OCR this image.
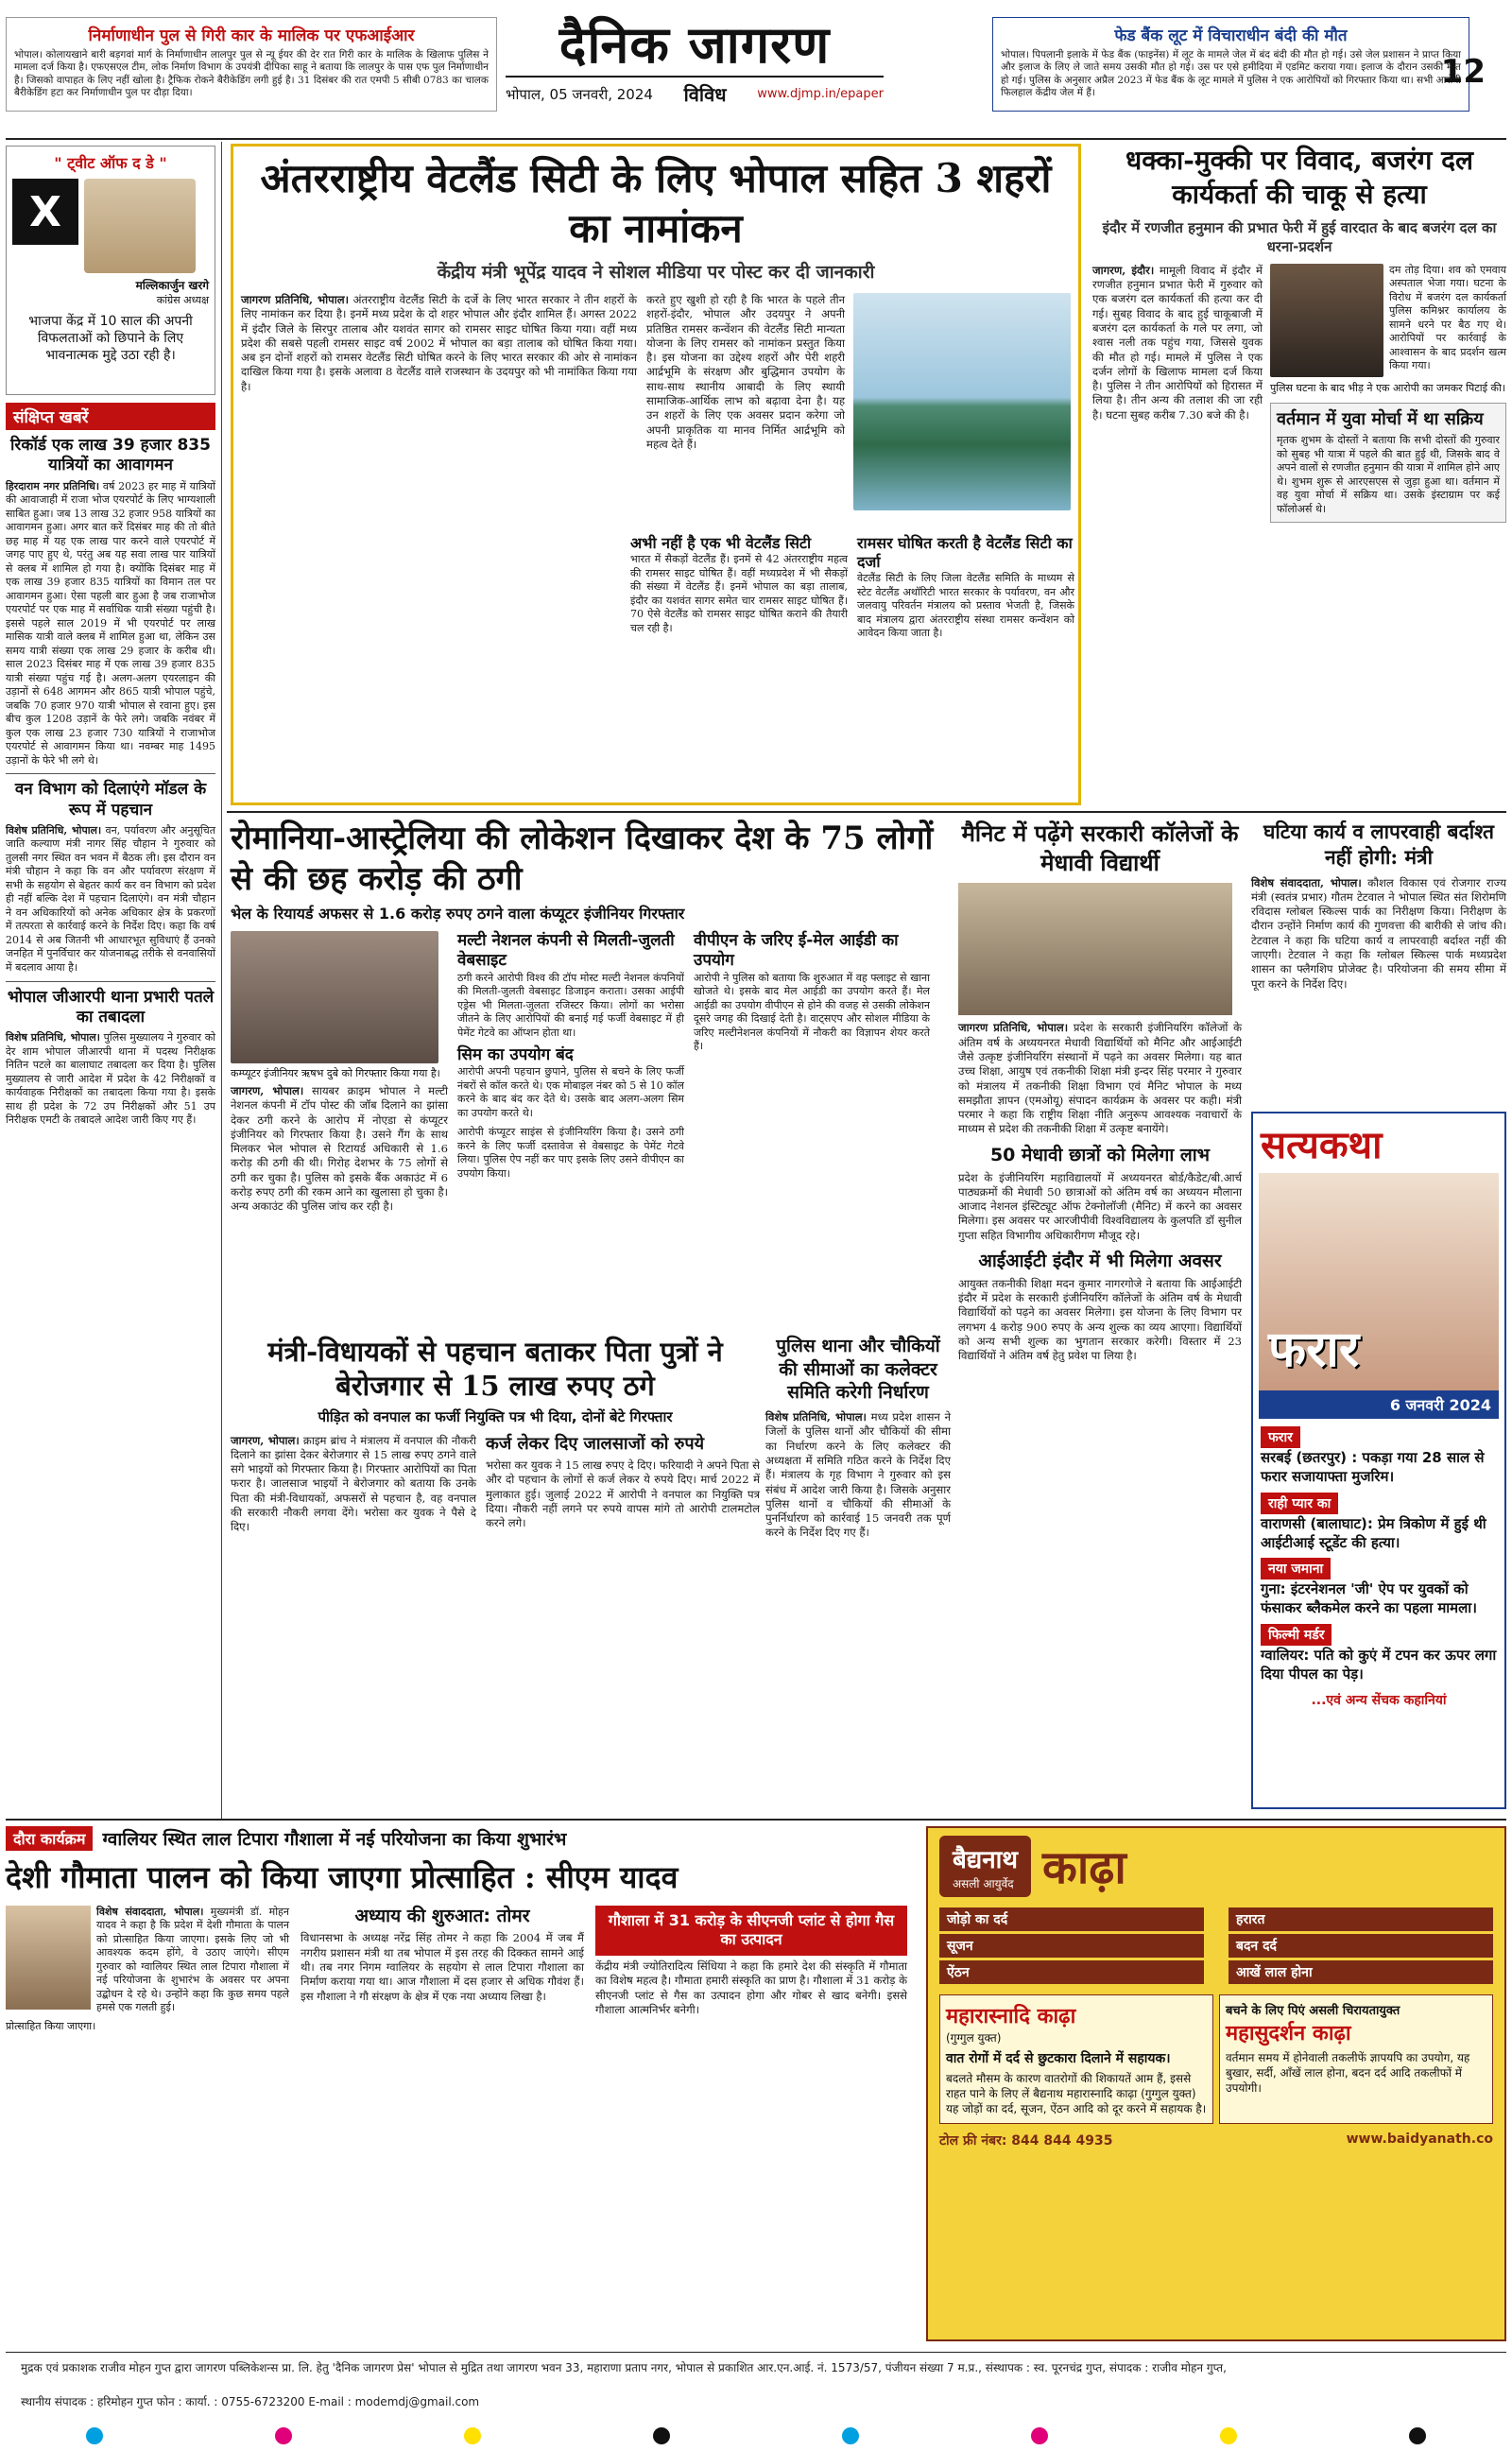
निर्माणाधीन पुल से गिरी कार के मालिक पर एफआईआर
भोपाल। कोलायखाने बारी बड़गवां मार्ग के निर्माणाधीन लालपुर पुल से न्यू ईयर की देर रात गिरी कार के मालिक के खिलाफ पुलिस ने मामला दर्ज किया है। एफएसएल टीम, लोक निर्माण विभाग के उपयंत्री दीपिका साहू ने बताया कि लालपुर के पास एफ पुल निर्माणाधीन है। जिसको वापाहत के लिए नहीं खोला है। ट्रैफिक रोकने बैरीकेडिंग लगी हुई है। 31 दिसंबर की रात एमपी 5 सीबी 0783 का चालक बैरीकेडिंग हटा कर निर्माणाधीन पुल पर दौड़ा दिया।
दैनिक जागरण
भोपाल, 05 जनवरी, 2024 विविध	www.djmp.in/epaper
फेड बैंक लूट में विचाराधीन बंदी की मौत
भोपाल। पिपलानी इलाके में फेड बैंक (फाइनेंस) में लूट के मामले जेल में बंद बंदी की मौत हो गई। उसे जेल प्रशासन ने प्राप्त किया और इलाज के लिए ले जाते समय उसकी मौत हो गई। उस पर एसे हमीदिया में एडमिट कराया गया। इलाज के दौरान उसकी मौत हो गई। पुलिस के अनुसार अप्रैल 2023 में फेड बैंक के लूट मामले में पुलिस ने एक आरोपियों को गिरफ्तार किया था। सभी आरोपी फिलहाल केंद्रीय जेल में हैं।
12
" ट्वीट ऑफ द डे "
X
मल्लिकार्जुन खरगे
कांग्रेस अध्यक्ष
भाजपा केंद्र में 10 साल की अपनी विफलताओं को छिपाने के लिए भावनात्मक मुद्दे उठा रही है।
संक्षिप्त खबरें
रिकॉर्ड एक लाख 39 हजार 835 यात्रियों का आवागमन
हिरदाराम नगर प्रतिनिधि। वर्ष 2023 हर माह में यात्रियों की आवाजाही में राजा भोज एयरपोर्ट के लिए भाग्यशाली साबित हुआ। जब 13 लाख 32 हजार 958 यात्रियों का आवागमन हुआ। अगर बात करें दिसंबर माह की तो बीते छह माह में यह एक लाख पार करने वाले एयरपोर्ट में जगह पाए हुए थे, परंतु अब यह सवा लाख पार यात्रियों से क्लब में शामिल हो गया है। क्योंकि दिसंबर माह में एक लाख 39 हजार 835 यात्रियों का विमान तल पर आवागमन हुआ। ऐसा पहली बार हुआ है जब राजाभोज एयरपोर्ट पर एक माह में सर्वाधिक यात्री संख्या पहुंची है। इससे पहले साल 2019 में भी एयरपोर्ट पर लाख मासिक यात्री वाले क्लब में शामिल हुआ था, लेकिन उस समय यात्री संख्या एक लाख 29 हजार के करीब थी। साल 2023 दिसंबर माह में एक लाख 39 हजार 835 यात्री संख्या पहुंच गई है। अलग-अलग एयरलाइन की उड़ानों से 648 आगमन और 865 यात्री भोपाल पहुंचे, जबकि 70 हजार 970 यात्री भोपाल से रवाना हुए। इस बीच कुल 1208 उड़ानें के फेरे लगे। जबकि नवंबर में कुल एक लाख 23 हजार 730 यात्रियों ने राजाभोज एयरपोर्ट से आवागमन किया था। नवम्बर माह 1495 उड़ानों के फेरे भी लगे थे।
वन विभाग को दिलाएंगे मॉडल के रूप में पहचान
विशेष प्रतिनिधि, भोपाल। वन, पर्यावरण और अनुसूचित जाति कल्याण मंत्री नागर सिंह चौहान ने गुरुवार को तुलसी नगर स्थित वन भवन में बैठक ली। इस दौरान वन मंत्री चौहान ने कहा कि वन और पर्यावरण संरक्षण में सभी के सहयोग से बेहतर कार्य कर वन विभाग को प्रदेश ही नहीं बल्कि देश में पहचान दिलाएंगे। वन मंत्री चौहान ने वन अधिकारियों को अनेक अधिकार क्षेत्र के प्रकरणों में तत्परता से कार्रवाई करने के निर्देश दिए। कहा कि वर्ष 2014 से अब जितनी भी आधारभूत सुविधाएं हैं उनको जनहित में पुनर्विचार कर योजनाबद्ध तरीके से वनवासियों में बदलाव आया है।
भोपाल जीआरपी थाना प्रभारी पतले का तबादला
विशेष प्रतिनिधि, भोपाल। पुलिस मुख्यालय ने गुरुवार को देर शाम भोपाल जीआरपी थाना में पदस्थ निरीक्षक नितिन पटले का बालाघाट तबादला कर दिया है। पुलिस मुख्यालय से जारी आदेश में प्रदेश के 42 निरीक्षकों व कार्यवाहक निरीक्षकों का तबादला किया गया है। इसके साथ ही प्रदेश के 72 उप निरीक्षकों और 51 उप निरीक्षक एमटी के तबादले आदेश जारी किए गए हैं।
अंतरराष्ट्रीय वेटलैंड सिटी के लिए भोपाल सहित 3 शहरों का नामांकन
केंद्रीय मंत्री भूपेंद्र यादव ने सोशल मीडिया पर पोस्ट कर दी जानकारी
जागरण प्रतिनिधि, भोपाल। अंतरराष्ट्रीय वेटलैंड सिटी के दर्जे के लिए भारत सरकार ने तीन शहरों के लिए नामांकन कर दिया है। इनमें मध्य प्रदेश के दो शहर भोपाल और इंदौर शामिल हैं। अगस्त 2022 में इंदौर जिले के सिरपुर तालाब और यशवंत सागर को रामसर साइट घोषित किया गया। वहीं मध्य प्रदेश की सबसे पहली रामसर साइट वर्ष 2002 में भोपाल का बड़ा तालाब को घोषित किया गया। अब इन दोनों शहरों को रामसर वेटलैंड सिटी घोषित करने के लिए भारत सरकार की ओर से नामांकन दाखिल किया गया है। इसके अलावा 8 वेटलैंड वाले राजस्थान के उदयपुर को भी नामांकित किया गया है।
करते हुए खुशी हो रही है कि भारत के पहले तीन शहरों-इंदौर, भोपाल और उदयपुर ने अपनी प्रतिष्ठित रामसर कन्वेंशन की वेटलैंड सिटी मान्यता योजना के लिए रामसर को नामांकन प्रस्तुत किया है। इस योजना का उद्देश्य शहरों और पेरी शहरी आर्द्रभूमि के संरक्षण और बुद्धिमान उपयोग के साथ-साथ स्थानीय आबादी के लिए स्थायी सामाजिक-आर्थिक लाभ को बढ़ावा देना है। यह उन शहरों के लिए एक अवसर प्रदान करेगा जो अपनी प्राकृतिक या मानव निर्मित आर्द्रभूमि को महत्व देते हैं।
अभी नहीं है एक भी वेटलैंड सिटी
भारत में सैकड़ों वेटलैंड हैं। इनमें से 42 अंतरराष्ट्रीय महत्व की रामसर साइट घोषित हैं। वहीं मध्यप्रदेश में भी सैकड़ों की संख्या में वेटलैंड हैं। इनमें भोपाल का बड़ा तालाब, इंदौर का यशवंत सागर समेत चार रामसर साइट घोषित हैं। 70 ऐसे वेटलैंड को रामसर साइट घोषित कराने की तैयारी चल रही है।
रामसर घोषित करती है वेटलैंड सिटी का दर्जा
वेटलैंड सिटी के लिए जिला वेटलैंड समिति के माध्यम से स्टेट वेटलैंड अथॉरिटी भारत सरकार के पर्यावरण, वन और जलवायु परिवर्तन मंत्रालय को प्रस्ताव भेजती है, जिसके बाद मंत्रालय द्वारा अंतरराष्ट्रीय संस्था रामसर कन्वेंशन को आवेदन किया जाता है।
धक्का-मुक्की पर विवाद, बजरंग दल कार्यकर्ता की चाकू से हत्या
इंदौर में रणजीत हनुमान की प्रभात फेरी में हुई वारदात के बाद बजरंग दल का धरना-प्रदर्शन
जागरण, इंदौर। मामूली विवाद में इंदौर में रणजीत हनुमान प्रभात फेरी में गुरुवार को एक बजरंग दल कार्यकर्ता की हत्या कर दी गई। सुबह विवाद के बाद हुई चाकूबाजी में बजरंग दल कार्यकर्ता के गले पर लगा, जो श्वास नली तक पहुंच गया, जिससे युवक की मौत हो गई। मामले में पुलिस ने एक दर्जन लोगों के खिलाफ मामला दर्ज किया है। पुलिस ने तीन आरोपियों को हिरासत में लिया है। तीन अन्य की तलाश की जा रही है। घटना सुबह करीब 7.30 बजे की है।
दम तोड़ दिया। शव को एमवाय अस्पताल भेजा गया। घटना के विरोध में बजरंग दल कार्यकर्ता पुलिस कमिश्नर कार्यालय के सामने धरने पर बैठ गए थे। आरोपियों पर कार्रवाई के आश्वासन के बाद प्रदर्शन खत्म किया गया।
पुलिस घटना के बाद भीड़ ने एक आरोपी का जमकर पिटाई की।
वर्तमान में युवा मोर्चा में था सक्रिय
मृतक शुभम के दोस्तों ने बताया कि सभी दोस्तों की गुरुवार को सुबह भी यात्रा में पहले की बात हुई थी, जिसके बाद वे अपने वालों से रणजीत हनुमान की यात्रा में शामिल होने आए थे। शुभम शुरू से आरएसएस से जुड़ा हुआ था। वर्तमान में वह युवा मोर्चा में सक्रिय था। उसके इंस्टाग्राम पर कई फॉलोअर्स थे।
रोमानिया-आस्ट्रेलिया की लोकेशन दिखाकर देश के 75 लोगों से की छह करोड़ की ठगी
भेल के रियायर्ड अफसर से 1.6 करोड़ रुपए ठगने वाला कंप्यूटर इंजीनियर गिरफ्तार
कम्प्यूटर इंजीनियर ऋषभ दुबे को गिरफ्तार किया गया है।
जागरण, भोपाल। सायबर क्राइम भोपाल ने मल्टी नेशनल कंपनी में टॉप पोस्ट की जॉब दिलाने का झांसा देकर ठगी करने के आरोप में नोएडा से कंप्यूटर इंजीनियर को गिरफ्तार किया है। उसने गैंग के साथ मिलकर भेल भोपाल से रिटायर्ड अधिकारी से 1.6 करोड़ की ठगी की थी। गिरोह देशभर के 75 लोगों से ठगी कर चुका है। पुलिस को इसके बैंक अकाउंट में 6 करोड़ रुपए ठगी की रकम आने का खुलासा हो चुका है। अन्य अकाउंट की पुलिस जांच कर रही है।
मल्टी नेशनल कंपनी से मिलती-जुलती वेबसाइट
ठगी करने आरोपी विश्व की टॉप मोस्ट मल्टी नेशनल कंपनियों की मिलती-जुलती वेबसाइट डिजाइन कराता। उसका आईपी एड्रेस भी मिलता-जुलता रजिस्टर किया। लोगों का भरोसा जीतने के लिए आरोपियों की बनाई गई फर्जी वेबसाइट में ही पेमेंट गेटवे का ऑप्शन होता था।
सिम का उपयोग बंद
आरोपी अपनी पहचान छुपाने, पुलिस से बचने के लिए फर्जी नंबरों से कॉल करते थे। एक मोबाइल नंबर को 5 से 10 कॉल करने के बाद बंद कर देते थे। उसके बाद अलग-अलग सिम का उपयोग करते थे।
आरोपी कंप्यूटर साइंस से इंजीनियरिंग किया है। उसने ठगी करने के लिए फर्जी दस्तावेज से वेबसाइट के पेमेंट गेटवे लिया। पुलिस ऐप नहीं कर पाए इसके लिए उसने वीपीएन का उपयोग किया।
वीपीएन के जरिए ई-मेल आईडी का उपयोग
आरोपी ने पुलिस को बताया कि शुरुआत में वह फ्लाइट से खाना खोजते थे। इसके बाद मेल आईडी का उपयोग करते हैं। मेल आईडी का उपयोग वीपीएन से होने की वजह से उसकी लोकेशन दूसरे जगह की दिखाई देती है। वाट्सएप और सोशल मीडिया के जरिए मल्टीनेशनल कंपनियों में नौकरी का विज्ञापन शेयर करते हैं।
मैनिट में पढ़ेंगे सरकारी कॉलेजों के मेधावी विद्यार्थी
जागरण प्रतिनिधि, भोपाल। प्रदेश के सरकारी इंजीनियरिंग कॉलेजों के अंतिम वर्ष के अध्ययनरत मेधावी विद्यार्थियों को मैनिट और आईआईटी जैसे उत्कृष्ट इंजीनियरिंग संस्थानों में पढ़ने का अवसर मिलेगा। यह बात उच्च शिक्षा, आयुष एवं तकनीकी शिक्षा मंत्री इन्दर सिंह परमार ने गुरुवार को मंत्रालय में तकनीकी शिक्षा विभाग एवं मैनिट भोपाल के मध्य समझौता ज्ञापन (एमओयू) संपादन कार्यक्रम के अवसर पर कही। मंत्री परमार ने कहा कि राष्ट्रीय शिक्षा नीति अनुरूप आवश्यक नवाचारों के माध्यम से प्रदेश की तकनीकी शिक्षा में उत्कृष्ट बनायेंगे।
50 मेधावी छात्रों को मिलेगा लाभ
प्रदेश के इंजीनियरिंग महाविद्यालयों में अध्ययनरत बोर्ड/कैडेट/बी.आर्च पाठ्यक्रमों की मेधावी 50 छात्राओं को अंतिम वर्ष का अध्ययन मौलाना आजाद नेशनल इंस्टिट्यूट ऑफ टेक्नोलॉजी (मैनिट) में करने का अवसर मिलेगा। इस अवसर पर आरजीपीवी विश्वविद्यालय के कुलपति डॉ सुनील गुप्ता सहित विभागीय अधिकारीगण मौजूद रहे।
आईआईटी इंदौर में भी मिलेगा अवसर
आयुक्त तकनीकी शिक्षा मदन कुमार नागरगोजे ने बताया कि आईआईटी इंदौर में प्रदेश के सरकारी इंजीनियरिंग कॉलेजों के अंतिम वर्ष के मेधावी विद्यार्थियों को पढ़ने का अवसर मिलेगा। इस योजना के लिए विभाग पर लगभग 4 करोड़ 900 रुपए के अन्य शुल्क का व्यय आएगा। विद्यार्थियों को अन्य सभी शुल्क का भुगतान सरकार करेगी। विस्तार में 23 विद्यार्थियों ने अंतिम वर्ष हेतु प्रवेश पा लिया है।
घटिया कार्य व लापरवाही बर्दाश्त नहीं होगी: मंत्री
विशेष संवाददाता, भोपाल। कौशल विकास एवं रोजगार राज्य मंत्री (स्वतंत्र प्रभार) गौतम टेटवाल ने भोपाल स्थित संत शिरोमणि रविदास ग्लोबल स्किल्स पार्क का निरीक्षण किया। निरीक्षण के दौरान उन्होंने निर्माण कार्य की गुणवत्ता की बारीकी से जांच की। टेटवाल ने कहा कि घटिया कार्य व लापरवाही बर्दाश्त नहीं की जाएगी। टेटवाल ने कहा कि ग्लोबल स्किल्स पार्क मध्यप्रदेश शासन का फ्लैगशिप प्रोजेक्ट है। परियोजना की समय सीमा में पूरा करने के निर्देश दिए।
सत्यकथा
फरार
6 जनवरी 2024
फरार
सरबई (छतरपुर) : पकड़ा गया 28 साल से फरार सजायाफ्ता मुजरिम।
राही प्यार का
वाराणसी (बालाघाट): प्रेम त्रिकोण में हुई थी आईटीआई स्टूडेंट की हत्या।
नया जमाना
गुना: इंटरनेशनल 'जी' ऐप पर युवकों को फंसाकर ब्लैकमेल करने का पहला मामला।
फिल्मी मर्डर
ग्वालियर: पति को कुएं में टपन कर ऊपर लगा दिया पीपल का पेड़।
...एवं अन्य सेंचक कहानियां
मंत्री-विधायकों से पहचान बताकर पिता पुत्रों ने बेरोजगार से 15 लाख रुपए ठगे
पीड़ित को वनपाल का फर्जी नियुक्ति पत्र भी दिया, दोनों बेटे गिरफ्तार
जागरण, भोपाल। क्राइम ब्रांच ने मंत्रालय में वनपाल की नौकरी दिलाने का झांसा देकर बेरोजगार से 15 लाख रुपए ठगने वाले सगे भाइयों को गिरफ्तार किया है। गिरफ्तार आरोपियों का पिता फरार है। जालसाज भाइयों ने बेरोजगार को बताया कि उनके पिता की मंत्री-विधायकों, अफसरों से पहचान है, वह वनपाल की सरकारी नौकरी लगवा देंगे। भरोसा कर युवक ने पैसे दे दिए।
कर्ज लेकर दिए जालसाजों को रुपये
भरोसा कर युवक ने 15 लाख रुपए दे दिए। फरियादी ने अपने पिता से और दो पहचान के लोगों से कर्ज लेकर ये रुपये दिए। मार्च 2022 में मुलाकात हुई। जुलाई 2022 में आरोपी ने वनपाल का नियुक्ति पत्र दिया। नौकरी नहीं लगने पर रुपये वापस मांगे तो आरोपी टालमटोल करने लगे।
पुलिस थाना और चौकियों की सीमाओं का कलेक्टर समिति करेगी निर्धारण
विशेष प्रतिनिधि, भोपाल। मध्य प्रदेश शासन ने जिलों के पुलिस थानों और चौकियों की सीमा का निर्धारण करने के लिए कलेक्टर की अध्यक्षता में समिति गठित करने के निर्देश दिए हैं। मंत्रालय के गृह विभाग ने गुरुवार को इस संबंध में आदेश जारी किया है। जिसके अनुसार पुलिस थानों व चौकियों की सीमाओं के पुनर्निर्धारण को कार्रवाई 15 जनवरी तक पूर्ण करने के निर्देश दिए गए हैं।
दौरा कार्यक्रम ग्वालियर स्थित लाल टिपारा गौशाला में नई परियोजना का किया शुभारंभ
देशी गौमाता पालन को किया जाएगा प्रोत्साहित : सीएम यादव
विशेष संवाददाता, भोपाल। मुख्यमंत्री डॉ. मोहन यादव ने कहा है कि प्रदेश में देशी गौमाता के पालन को प्रोत्साहित किया जाएगा। इसके लिए जो भी आवश्यक कदम होंगे, वे उठाए जाएंगे। सीएम गुरुवार को ग्वालियर स्थित लाल टिपारा गौशाला में नई परियोजना के शुभारंभ के अवसर पर अपना उद्बोधन दे रहे थे। उन्होंने कहा कि कुछ समय पहले हमसे एक गलती हुई।
प्रोत्साहित किया जाएगा।
अध्याय की शुरुआत: तोमर
विधानसभा के अध्यक्ष नरेंद्र सिंह तोमर ने कहा कि 2004 में जब मैं नगरीय प्रशासन मंत्री था तब भोपाल में इस तरह की दिक्कत सामने आई थी। तब नगर निगम ग्वालियर के सहयोग से लाल टिपारा गौशाला का निर्माण कराया गया था। आज गौशाला में दस हजार से अधिक गौवंश हैं। इस गौशाला ने गौ संरक्षण के क्षेत्र में एक नया अध्याय लिखा है।
गौशाला में 31 करोड़ के सीएनजी प्लांट से होगा गैस का उत्पादन
केंद्रीय मंत्री ज्योतिरादित्य सिंधिया ने कहा कि हमारे देश की संस्कृति में गौमाता का विशेष महत्व है। गौमाता हमारी संस्कृति का प्राण है। गौशाला में 31 करोड़ के सीएनजी प्लांट से गैस का उत्पादन होगा और गोबर से खाद बनेगी। इससे गौशाला आत्मनिर्भर बनेगी।
बैद्यनाथ
असली आयुर्वेद काढ़ा
जोड़ो का दर्द
सूजन
ऐंठन
हरारत
बदन दर्द
आखें लाल होना
महारास्नादि काढ़ा
(गुग्गुल युक्त)
वात रोगों में दर्द से छुटकारा दिलाने में सहायक।
बदलते मौसम के कारण वातरोगों की शिकायतें आम हैं, इससे राहत पाने के लिए लें बैद्यनाथ महारास्नादि काढ़ा (गुग्गुल युक्त) यह जोड़ों का दर्द, सूजन, ऐंठन आदि को दूर करने में सहायक है।
बचने के लिए पिएं असली चिरायतायुक्त
महासुदर्शन काढ़ा
वर्तमान समय में होनेवाली तकलीफें ज्ञापयपि का उपयोग, यह बुखार, सर्दी, आँखें लाल होना, बदन दर्द आदि तकलीफों में उपयोगी।
टोल फ्री नंबर: 844 844 4935	www.baidyanath.co
मुद्रक एवं प्रकाशक राजीव मोहन गुप्त द्वारा जागरण पब्लिकेशन्स प्रा. लि. हेतु 'दैनिक जागरण प्रेस' भोपाल से मुद्रित तथा जागरण भवन 33, महाराणा प्रताप नगर, भोपाल से प्रकाशित आर.एन.आई. नं. 1573/57, पंजीयन संख्या 7 म.प्र., संस्थापक : स्व. पूरनचंद्र गुप्त, संपादक : राजीव मोहन गुप्त,
स्थानीय संपादक : हरिमोहन गुप्त फोन : कार्या. : 0755-6723200 E-mail : modemdj@gmail.com
